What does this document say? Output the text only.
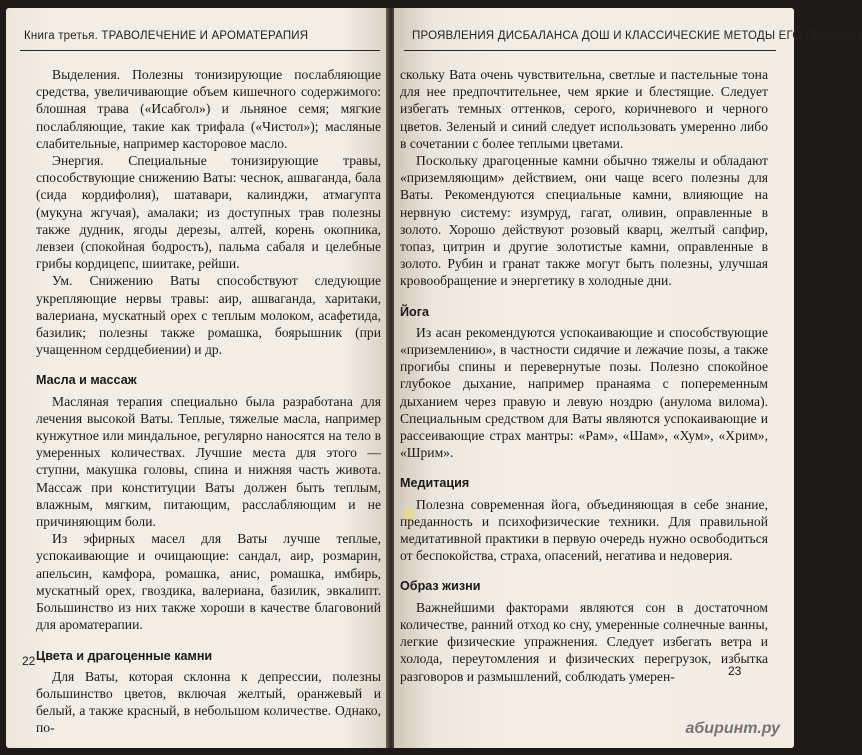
Книга третья. ТРАВОЛЕЧЕНИЕ И АРОМАТЕРАПИЯ

Выделения. Полезны тонизирующие послабляющие средства, увеличивающие объем кишечного содержимого: блошная трава («Исабгол») и льняное семя; мягкие послабляющие, такие как трифала («Чистол»); масляные слабительные, например касторовое масло.

Энергия. Специальные тонизирующие травы, способствующие снижению Ваты: чеснок, ашваганда, бала (сида кордифолия), шатавари, калинджи, атмагупта (мукуна жгучая), амалаки; из доступных трав полезны также дудник, ягоды дерезы, алтей, корень окопника, левзеи (спокойная бодрость), пальма сабаля и целебные грибы кордицепс, шиитаке, рейши.

Ум. Снижению Ваты способствуют следующие укрепляющие нервы травы: аир, ашваганда, харитаки, валериана, мускатный орех с теплым молоком, асафетида, базилик; полезны также ромашка, боярышник (при учащенном сердцебиении) и др.

Масла и массаж

Масляная терапия специально была разработана для лечения высокой Ваты. Теплые, тяжелые масла, например кунжутное или миндальное, регулярно наносятся на тело в умеренных количествах. Лучшие места для этого — ступни, макушка головы, спина и нижняя часть живота. Массаж при конституции Ваты должен быть теплым, влажным, мягким, питающим, расслабляющим и не причиняющим боли.

Из эфирных масел для Ваты лучше теплые, успокаивающие и очищающие: сандал, аир, розмарин, апельсин, камфора, ромашка, анис, ромашка, имбирь, мускатный орех, гвоздика, валериана, базилик, эвкалипт. Большинство из них также хороши в качестве благовоний для ароматерапии.

Цвета и драгоценные камни

Для Ваты, которая склонна к депрессии, полезны большинство цветов, включая желтый, оранжевый и белый, а также красный, в небольшом количестве. Однако, по-

22
ПРОЯВЛЕНИЯ ДИСБАЛАНСА ДОШ И КЛАССИЧЕСКИЕ МЕТОДЫ ЕГО ЛЕЧЕНИЯ

скольку Вата очень чувствительна, светлые и пастельные тона для нее предпочтительнее, чем яркие и блестящие. Следует избегать темных оттенков, серого, коричневого и черного цветов. Зеленый и синий следует использовать умеренно либо в сочетании с более теплыми цветами.

Поскольку драгоценные камни обычно тяжелы и обладают «приземляющим» действием, они чаще всего полезны для Ваты. Рекомендуются специальные камни, влияющие на нервную систему: изумруд, гагат, оливин, оправленные в золото. Хорошо действуют розовый кварц, желтый сапфир, топаз, цитрин и другие золотистые камни, оправленные в золото. Рубин и гранат также могут быть полезны, улучшая кровообращение и энергетику в холодные дни.

Йога

Из асан рекомендуются успокаивающие и способствующие «приземлению», в частности сидячие и лежачие позы, а также прогибы спины и перевернутые позы. Полезно спокойное глубокое дыхание, например пранаяма с попеременным дыханием через правую и левую ноздрю (анулома вилома). Специальным средством для Ваты являются успокаивающие и рассеивающие страх мантры: «Рам», «Шам», «Хум», «Хрим», «Шрим».

Медитация

Полезна современная йога, объединяющая в себе знание, преданность и психофизические техники. Для правильной медитативной практики в первую очередь нужно освободиться от беспокойства, страха, опасений, негатива и недоверия.

Образ жизни

Важнейшими факторами являются сон в достаточном количестве, ранний отход ко сну, умеренные солнечные ванны, легкие физические упражнения. Следует избегать ветра и холода, переутомления и физических перегрузок, избытка разговоров и размышлений, соблюдать умерен-	23
абиринт.ру
